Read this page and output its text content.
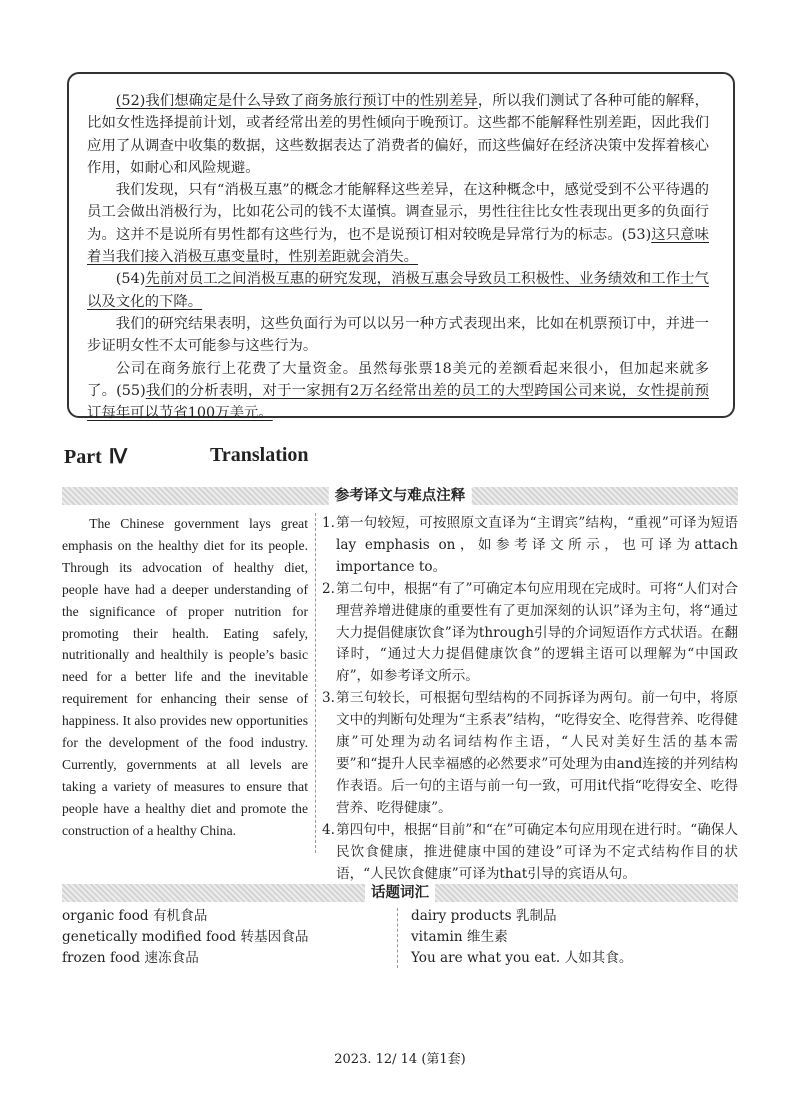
(52)我们想确定是什么导致了商务旅行预订中的性别差异，所以我们测试了各种可能的解释，比如女性选择提前计划，或者经常出差的男性倾向于晚预订。这些都不能解释性别差距，因此我们应用了从调查中收集的数据，这些数据表达了消费者的偏好，而这些偏好在经济决策中发挥着核心作用，如耐心和风险规避。

我们发现，只有“消极互惠”的概念才能解释这些差异，在这种概念中，感觉受到不公平待遇的员工会做出消极行为，比如花公司的钱不太谨慎。调查显示，男性往往比女性表现出更多的负面行为。这并不是说所有男性都有这些行为，也不是说预订相对较晚是异常行为的标志。(53)这只意味着当我们接入消极互惠变量时，性别差距就会消失。

(54)先前对员工之间消极互惠的研究发现，消极互惠会导致员工积极性、业务绩效和工作士气以及文化的下降。

我们的研究结果表明，这些负面行为可以以另一种方式表现出来，比如在机票预订中，并进一步证明女性不太可能参与这些行为。

公司在商务旅行上花费了大量资金。虽然每张票18美元的差额看起来很小，但加起来就多了。(55)我们的分析表明，对于一家拥有2万名经常出差的员工的大型跨国公司来说，女性提前预订每年可以节省100万美元。

Part Ⅳ	Translation
参考译文与难点注释

The Chinese government lays great emphasis on the healthy diet for its people. Through its advocation of healthy diet, people have had a deeper understanding of the significance of proper nutrition for promoting their health. Eating safely, nutritionally and healthily is people’s basic need for a better life and the inevitable requirement for enhancing their sense of happiness. It also provides new opportunities for the development of the food industry. Currently, governments at all levels are taking a variety of measures to ensure that people have a healthy diet and promote the construction of a healthy China.

1. 第一句较短，可按照原文直译为“主谓宾”结构，“重视”可译为短语lay emphasis on，如参考译文所示，也可译为attach importance to。
2. 第二句中，根据“有了”可确定本句应用现在完成时。可将“人们对合理营养增进健康的重要性有了更加深刻的认识”译为主句，将“通过大力提倡健康饮食”译为through引导的介词短语作方式状语。在翻译时，“通过大力提倡健康饮食”的逻辑主语可以理解为“中国政府”，如参考译文所示。
3. 第三句较长，可根据句型结构的不同拆译为两句。前一句中，将原文中的判断句处理为“主系表”结构，“吃得安全、吃得营养、吃得健康”可处理为动名词结构作主语，“人民对美好生活的基本需要”和“提升人民幸福感的必然要求”可处理为由and连接的并列结构作表语。后一句的主语与前一句一致，可用it代指“吃得安全、吃得营养、吃得健康”。
4. 第四句中，根据“目前”和“在”可确定本句应用现在进行时。“确保人民饮食健康，推进健康中国的建设”可译为不定式结构作目的状语，“人民饮食健康”可译为that引导的宾语从句。
话题词汇
organic food 有机食品
genetically modified food 转基因食品
frozen food 速冻食品
dairy products 乳制品
vitamin 维生素
You are what you eat. 人如其食。
2023. 12/ 14 (第1套)
